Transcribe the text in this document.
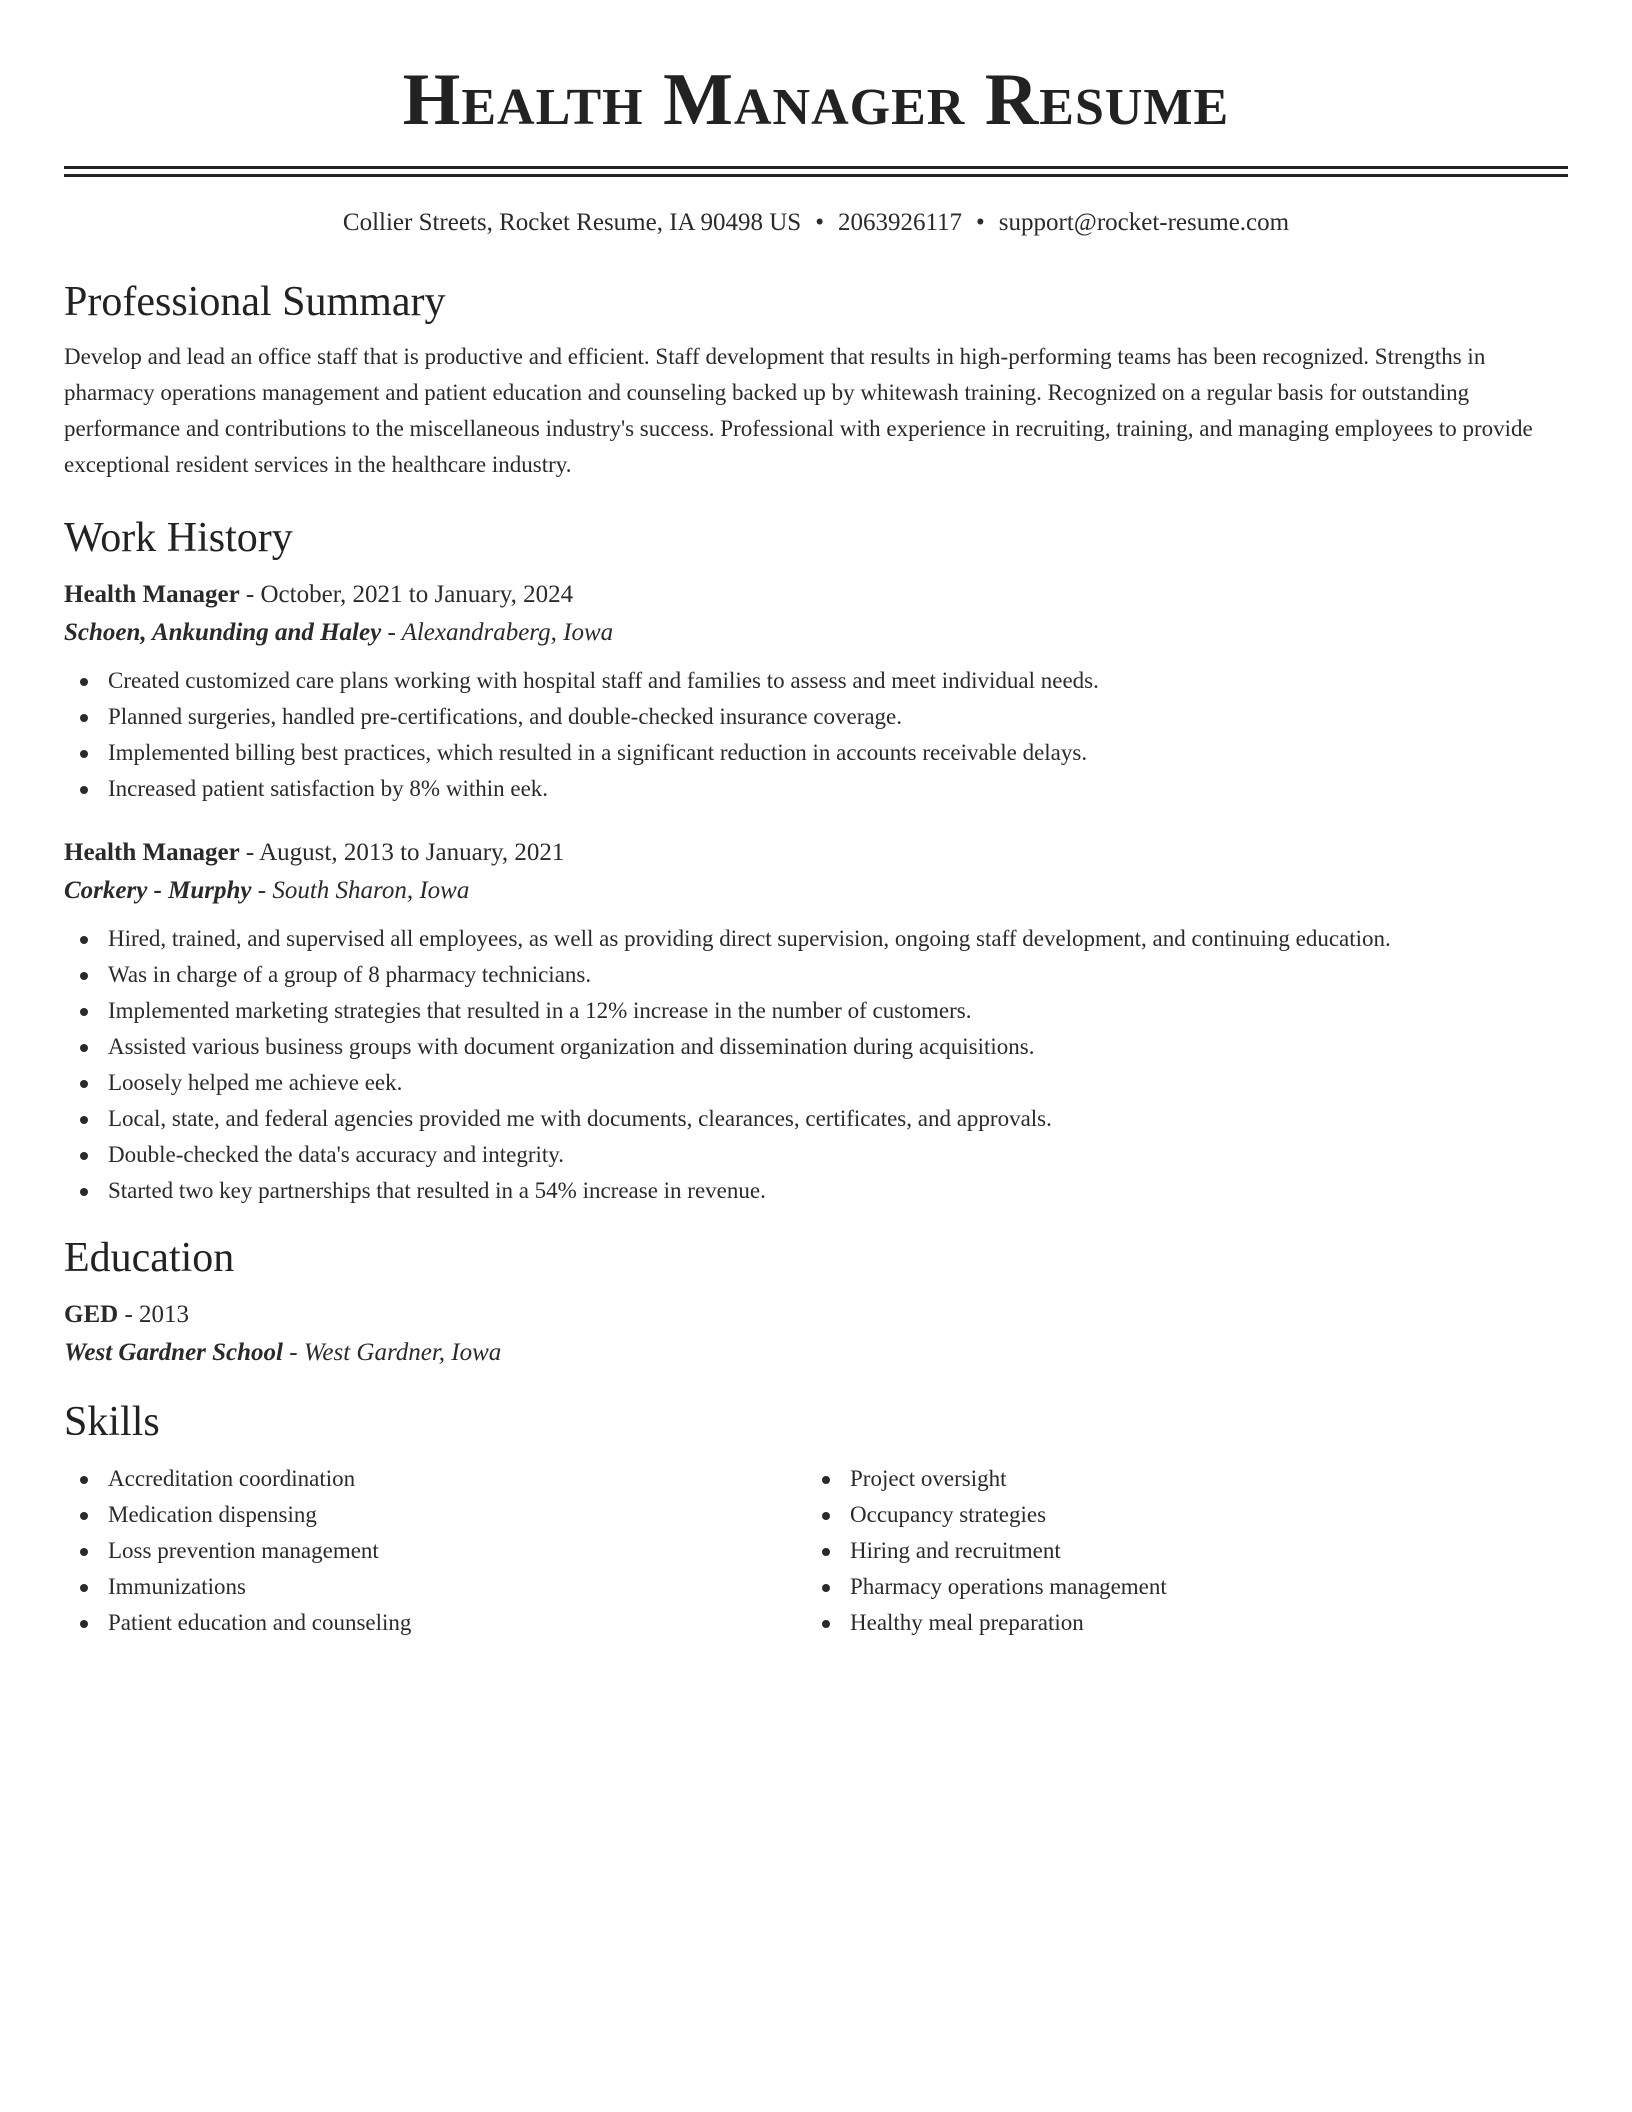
Health Manager Resume
Collier Streets, Rocket Resume, IA 90498 US • 2063926117 • support@rocket-resume.com
Professional Summary

Develop and lead an office staff that is productive and efficient. Staff development that results in high-performing teams has been recognized. Strengths in pharmacy operations management and patient education and counseling backed up by whitewash training. Recognized on a regular basis for outstanding performance and contributions to the miscellaneous industry's success. Professional with experience in recruiting, training, and managing employees to provide exceptional resident services in the healthcare industry.

Work History
Health Manager - October, 2021 to January, 2024
Schoen, Ankunding and Haley - Alexandraberg, Iowa
Created customized care plans working with hospital staff and families to assess and meet individual needs.
Planned surgeries, handled pre-certifications, and double-checked insurance coverage.
Implemented billing best practices, which resulted in a significant reduction in accounts receivable delays.
Increased patient satisfaction by 8% within eek.
Health Manager - August, 2013 to January, 2021
Corkery - Murphy - South Sharon, Iowa
Hired, trained, and supervised all employees, as well as providing direct supervision, ongoing staff development, and continuing education.
Was in charge of a group of 8 pharmacy technicians.
Implemented marketing strategies that resulted in a 12% increase in the number of customers.
Assisted various business groups with document organization and dissemination during acquisitions.
Loosely helped me achieve eek.
Local, state, and federal agencies provided me with documents, clearances, certificates, and approvals.
Double-checked the data's accuracy and integrity.
Started two key partnerships that resulted in a 54% increase in revenue.
Education
GED - 2013
West Gardner School - West Gardner, Iowa
Skills
Accreditation coordination
Medication dispensing
Loss prevention management
Immunizations
Patient education and counseling
Project oversight
Occupancy strategies
Hiring and recruitment
Pharmacy operations management
Healthy meal preparation
